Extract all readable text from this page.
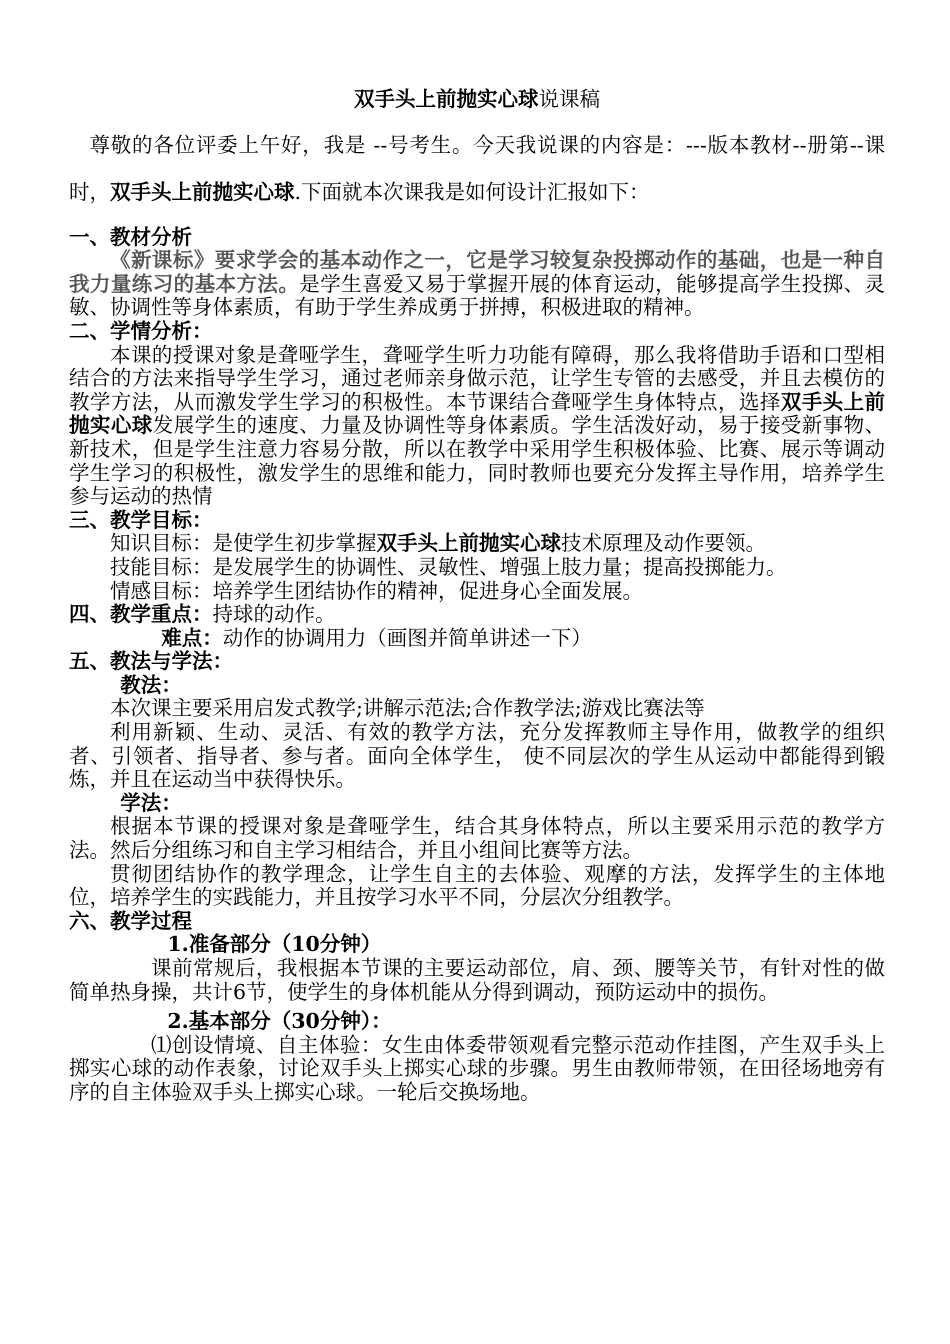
双手头上前抛实心球说课稿

尊敬的各位评委上午好，我是 --号考生。今天我说课的内容是：---版本教材--册第--课时，双手头上前抛实心球.下面就本次课我是如何设计汇报如下：

一、教材分析

《新课标》要求学会的基本动作之一，它是学习较复杂投掷动作的基础，也是一种自我力量练习的基本方法。是学生喜爱又易于掌握开展的体育运动，能够提高学生投掷、灵敏、协调性等身体素质，有助于学生养成勇于拼搏，积极进取的精神。

二、学情分析：

本课的授课对象是聋哑学生，聋哑学生听力功能有障碍，那么我将借助手语和口型相结合的方法来指导学生学习，通过老师亲身做示范，让学生专管的去感受，并且去模仿的教学方法，从而激发学生学习的积极性。本节课结合聋哑学生身体特点，选择双手头上前抛实心球发展学生的速度、力量及协调性等身体素质。学生活泼好动，易于接受新事物、新技术，但是学生注意力容易分散，所以在教学中采用学生积极体验、比赛、展示等调动学生学习的积极性，激发学生的思维和能力，同时教师也要充分发挥主导作用，培养学生参与运动的热情

三、教学目标：

知识目标：是使学生初步掌握双手头上前抛实心球技术原理及动作要领。

技能目标：是发展学生的协调性、灵敏性、增强上肢力量；提高投掷能力。

情感目标：培养学生团结协作的精神，促进身心全面发展。

四、教学重点：持球的动作。

难点：动作的协调用力（画图并简单讲述一下）

五、教法与学法：

教法：

本次课主要采用启发式教学;讲解示范法;合作教学法;游戏比赛法等

利用新颖、生动、灵活、有效的教学方法，充分发挥教师主导作用，做教学的组织者、引领者、指导者、参与者。面向全体学生， 使不同层次的学生从运动中都能得到锻炼，并且在运动当中获得快乐。

学法：

根据本节课的授课对象是聋哑学生，结合其身体特点，所以主要采用示范的教学方法。然后分组练习和自主学习相结合，并且小组间比赛等方法。

贯彻团结协作的教学理念，让学生自主的去体验、观摩的方法，发挥学生的主体地位，培养学生的实践能力，并且按学习水平不同，分层次分组教学。

六、教学过程

1.准备部分（10分钟）

课前常规后，我根据本节课的主要运动部位，肩、颈、腰等关节，有针对性的做简单热身操，共计6节，使学生的身体机能从分得到调动，预防运动中的损伤。

2.基本部分（30分钟）：

⑴创设情境、自主体验：女生由体委带领观看完整示范动作挂图，产生双手头上掷实心球的动作表象，讨论双手头上掷实心球的步骤。男生由教师带领，在田径场地旁有序的自主体验双手头上掷实心球。一轮后交换场地。
